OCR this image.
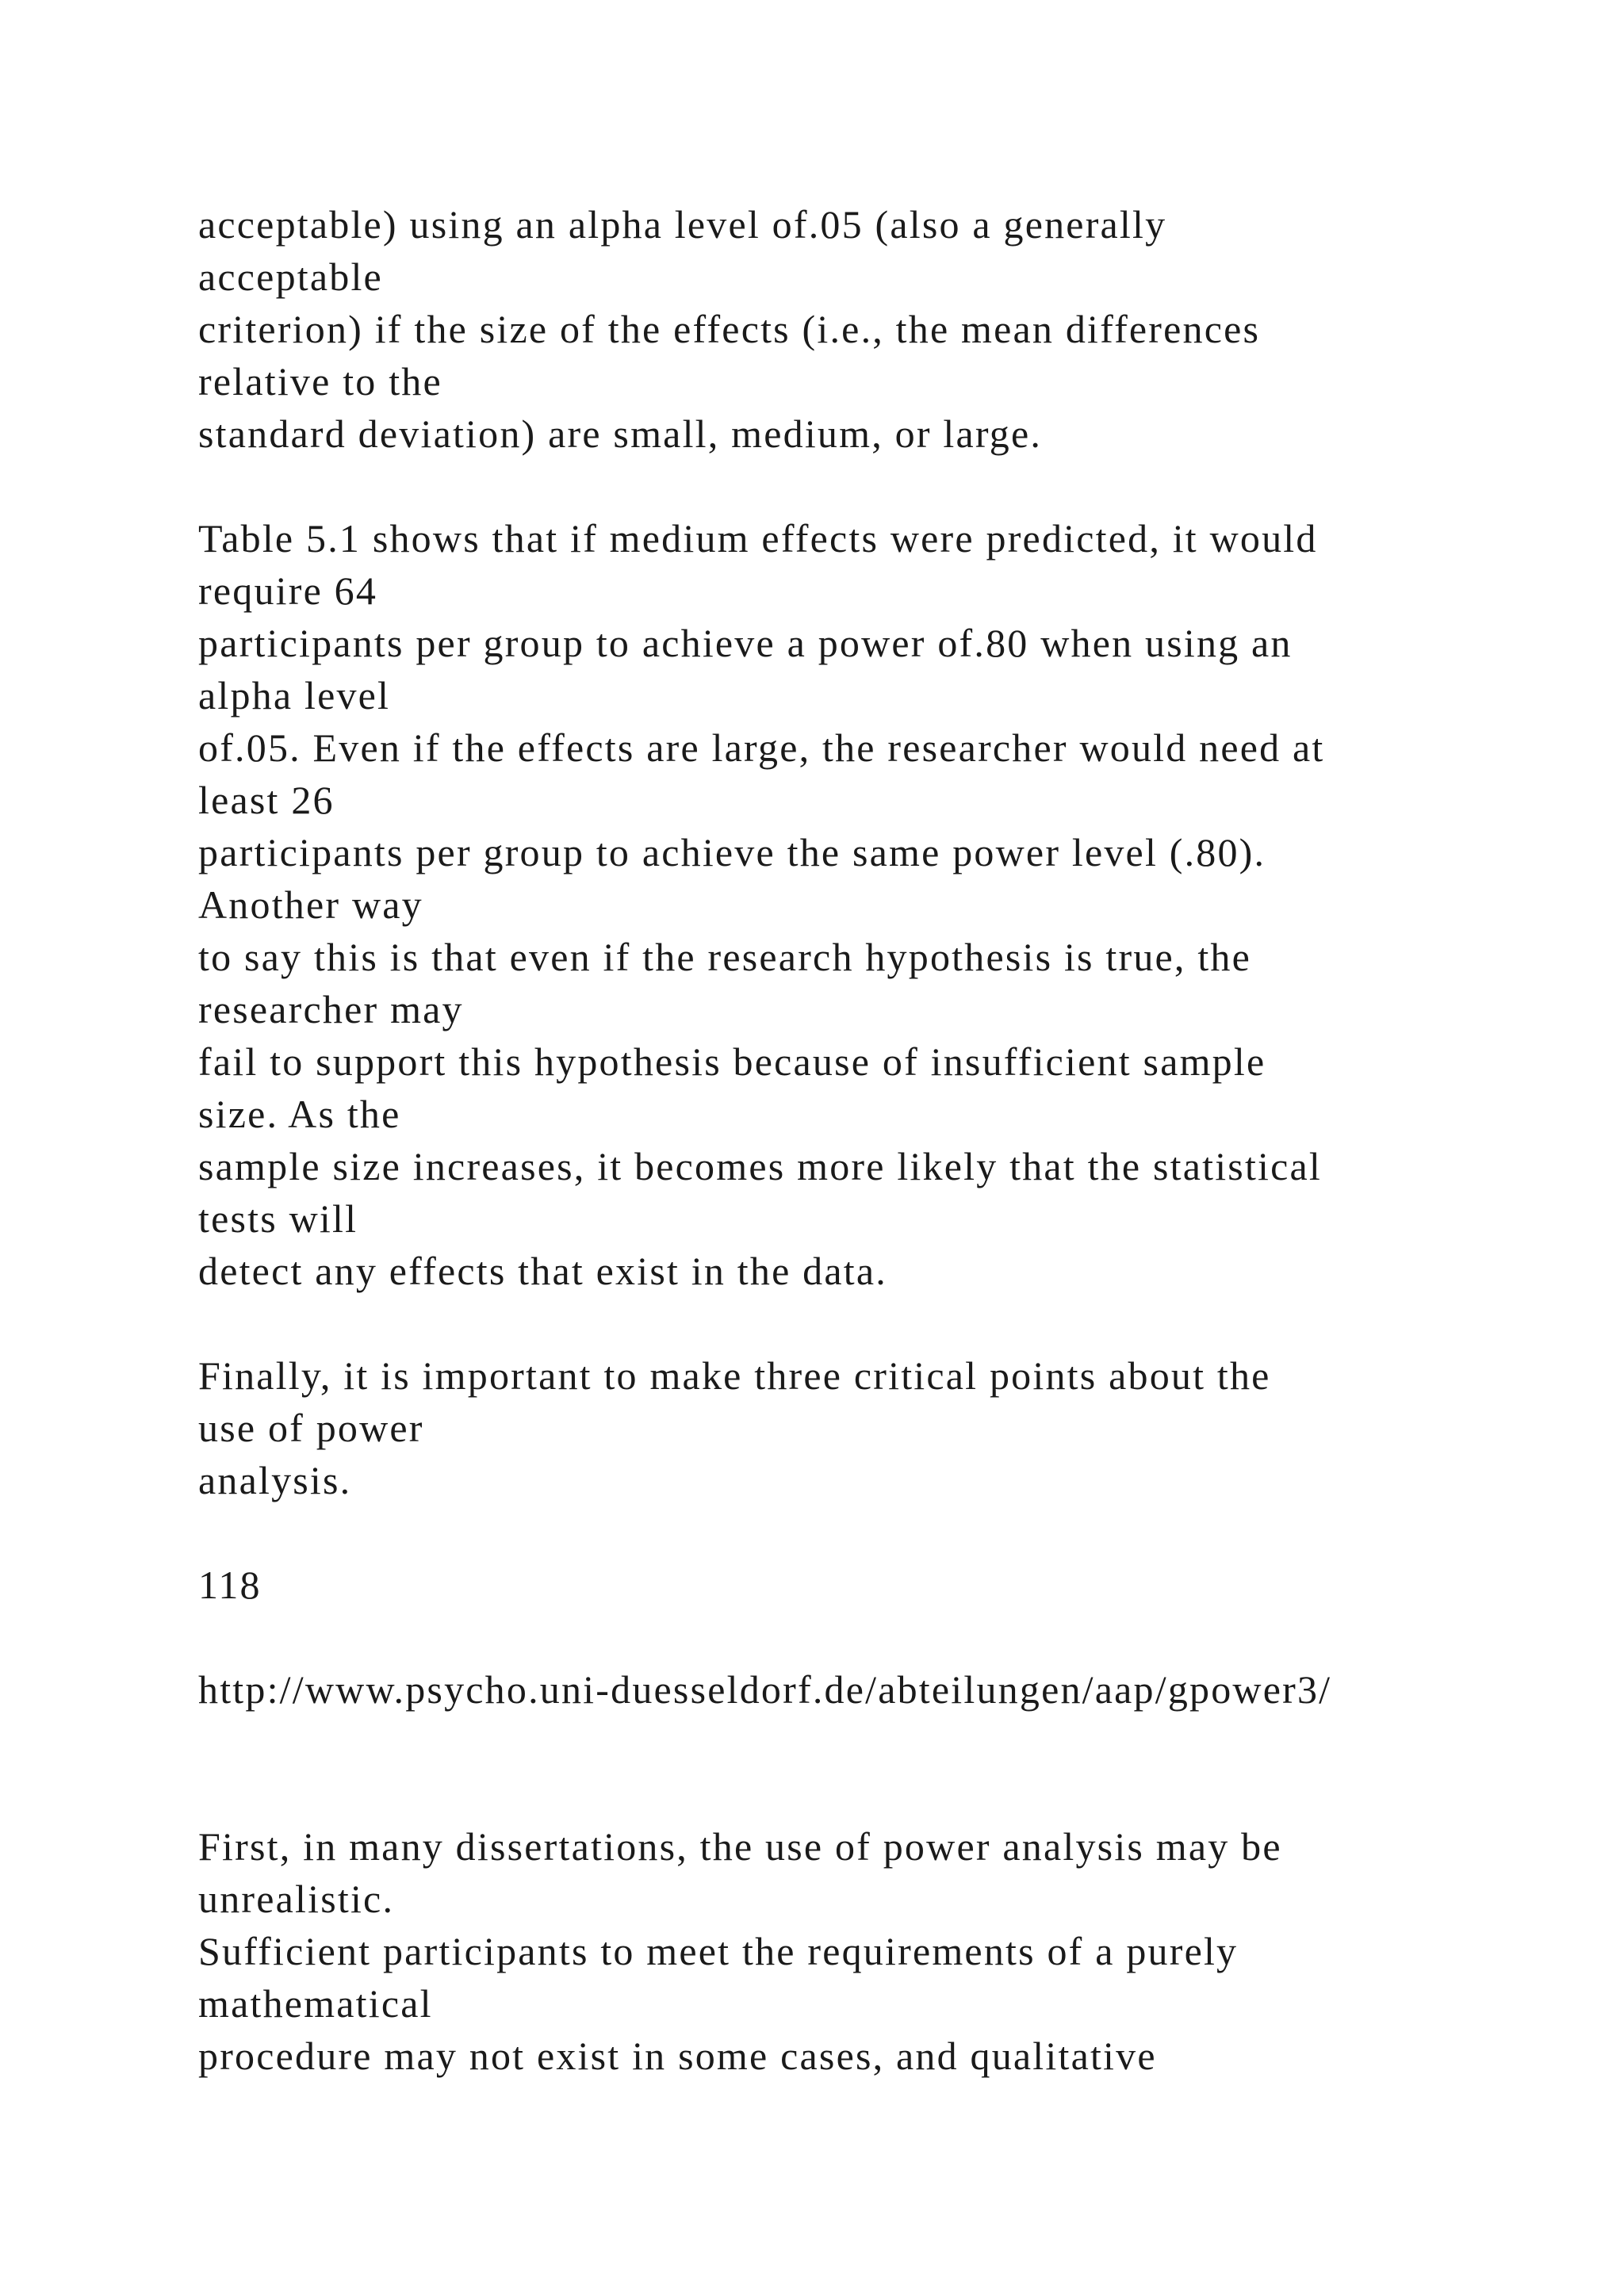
acceptable) using an alpha level of.05 (also a generally

acceptable

criterion) if the size of the effects (i.e., the mean differences

relative to the

standard deviation) are small, medium, or large.

Table 5.1 shows that if medium effects were predicted, it would

require 64

participants per group to achieve a power of.80 when using an

alpha level

of.05. Even if the effects are large, the researcher would need at

least 26

participants per group to achieve the same power level (.80).

Another way

to say this is that even if the research hypothesis is true, the

researcher may

fail to support this hypothesis because of insufficient sample

size. As the

sample size increases, it becomes more likely that the statistical

tests will

detect any effects that exist in the data.

Finally, it is important to make three critical points about the

use of power

analysis.

118

http://www.psycho.uni-duesseldorf.de/abteilungen/aap/gpower3/

First, in many dissertations, the use of power analysis may be

unrealistic.

Sufficient participants to meet the requirements of a purely

mathematical

procedure may not exist in some cases, and qualitative
